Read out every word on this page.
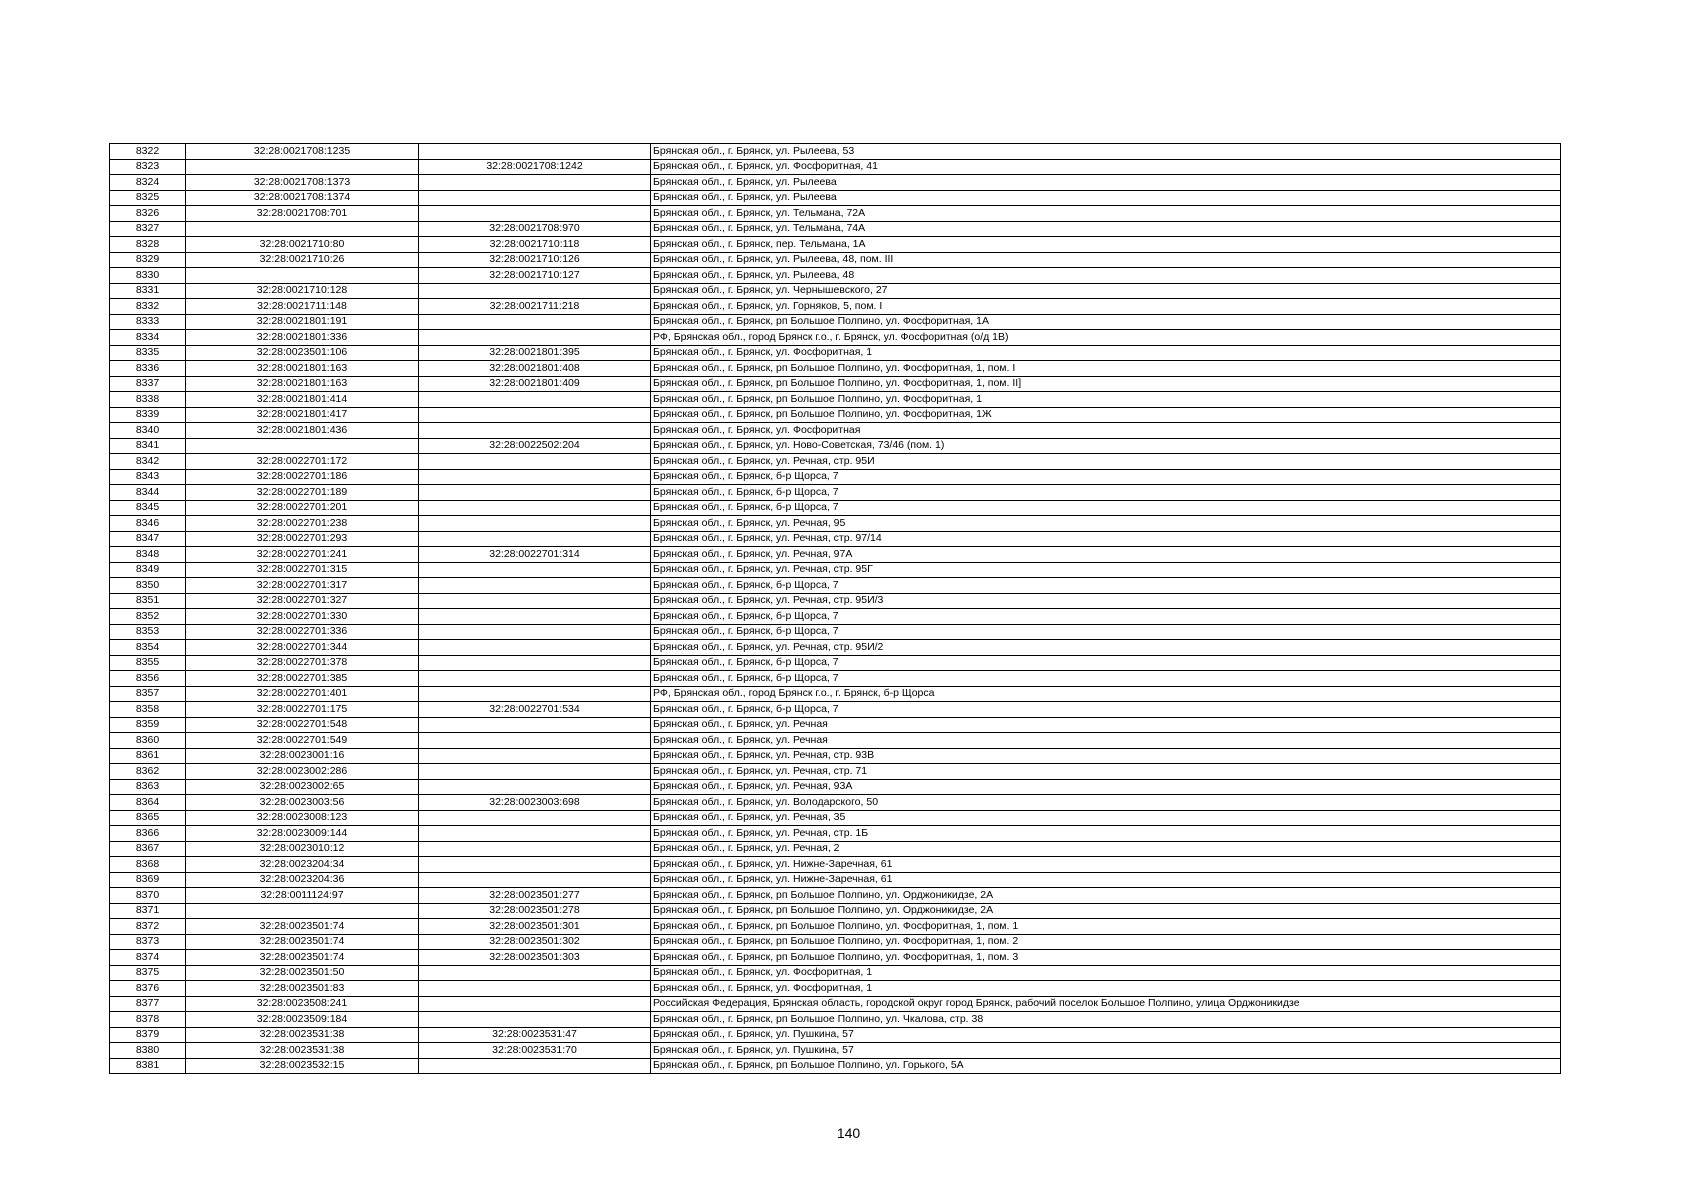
8322	32:28:0021708:1235		Брянская обл., г. Брянск, ул. Рылеева, 53
8323		32:28:0021708:1242	Брянская обл., г. Брянск, ул. Фосфоритная, 41
8324	32:28:0021708:1373		Брянская обл., г. Брянск, ул. Рылеева
8325	32:28:0021708:1374		Брянская обл., г. Брянск, ул. Рылеева
8326	32:28:0021708:701		Брянская обл., г. Брянск, ул. Тельмана, 72А
8327		32:28:0021708:970	Брянская обл., г. Брянск, ул. Тельмана, 74А
8328	32:28:0021710:80	32:28:0021710:118	Брянская обл., г. Брянск, пер. Тельмана, 1А
8329	32:28:0021710:26	32:28:0021710:126	Брянская обл., г. Брянск, ул. Рылеева, 48, пом. III
8330		32:28:0021710:127	Брянская обл., г. Брянск, ул. Рылеева, 48
8331	32:28:0021710:128		Брянская обл., г. Брянск, ул. Чернышевского, 27
8332	32:28:0021711:148	32:28:0021711:218	Брянская обл., г. Брянск, ул. Горняков, 5, пом. I
8333	32:28:0021801:191		Брянская обл., г. Брянск, рп Большое Полпино, ул. Фосфоритная, 1А
8334	32:28:0021801:336		РФ, Брянская обл., город Брянск г.о., г. Брянск, ул. Фосфоритная (о/д 1В)
8335	32:28:0023501:106	32:28:0021801:395	Брянская обл., г. Брянск, ул. Фосфоритная, 1
8336	32:28:0021801:163	32:28:0021801:408	Брянская обл., г. Брянск, рп Большое Полпино, ул. Фосфоритная, 1, пом. I
8337	32:28:0021801:163	32:28:0021801:409	Брянская обл., г. Брянск, рп Большое Полпино, ул. Фосфоритная, 1, пом. II]
8338	32:28:0021801:414		Брянская обл., г. Брянск, рп Большое Полпино, ул. Фосфоритная, 1
8339	32:28:0021801:417		Брянская обл., г. Брянск, рп Большое Полпино, ул. Фосфоритная, 1Ж
8340	32:28:0021801:436		Брянская обл., г. Брянск, ул. Фосфоритная
8341		32:28:0022502:204	Брянская обл., г. Брянск, ул. Ново-Советская, 73/46 (пом. 1)
8342	32:28:0022701:172		Брянская обл., г. Брянск, ул. Речная, стр. 95И
8343	32:28:0022701:186		Брянская обл., г. Брянск, б-р Щорса, 7
8344	32:28:0022701:189		Брянская обл., г. Брянск, б-р Щорса, 7
8345	32:28:0022701:201		Брянская обл., г. Брянск, б-р Щорса, 7
8346	32:28:0022701:238		Брянская обл., г. Брянск, ул. Речная, 95
8347	32:28:0022701:293		Брянская обл., г. Брянск, ул. Речная, стр. 97/14
8348	32:28:0022701:241	32:28:0022701:314	Брянская обл., г. Брянск, ул. Речная, 97А
8349	32:28:0022701:315		Брянская обл., г. Брянск, ул. Речная, стр. 95Г
8350	32:28:0022701:317		Брянская обл., г. Брянск, б-р Щорса, 7
8351	32:28:0022701:327		Брянская обл., г. Брянск, ул. Речная, стр. 95И/3
8352	32:28:0022701:330		Брянская обл., г. Брянск, б-р Щорса, 7
8353	32:28:0022701:336		Брянская обл., г. Брянск, б-р Щорса, 7
8354	32:28:0022701:344		Брянская обл., г. Брянск, ул. Речная, стр. 95И/2
8355	32:28:0022701:378		Брянская обл., г. Брянск, б-р Щорса, 7
8356	32:28:0022701:385		Брянская обл., г. Брянск, б-р Щорса, 7
8357	32:28:0022701:401		РФ, Брянская обл., город Брянск г.о., г. Брянск, б-р Щорса
8358	32:28:0022701:175	32:28:0022701:534	Брянская обл., г. Брянск, б-р Щорса, 7
8359	32:28:0022701:548		Брянская обл., г. Брянск, ул. Речная
8360	32:28:0022701:549		Брянская обл., г. Брянск, ул. Речная
8361	32:28:0023001:16		Брянская обл., г. Брянск, ул. Речная, стр. 93В
8362	32:28:0023002:286		Брянская обл., г. Брянск, ул. Речная, стр. 71
8363	32:28:0023002:65		Брянская обл., г. Брянск, ул. Речная, 93А
8364	32:28:0023003:56	32:28:0023003:698	Брянская обл., г. Брянск, ул. Володарского, 50
8365	32:28:0023008:123		Брянская обл., г. Брянск, ул. Речная, 35
8366	32:28:0023009:144		Брянская обл., г. Брянск, ул. Речная, стр. 1Б
8367	32:28:0023010:12		Брянская обл., г. Брянск, ул. Речная, 2
8368	32:28:0023204:34		Брянская обл., г. Брянск, ул. Нижне-Заречная, 61
8369	32:28:0023204:36		Брянская обл., г. Брянск, ул. Нижне-Заречная, 61
8370	32:28:0011124:97	32:28:0023501:277	Брянская обл., г. Брянск, рп Большое Полпино, ул. Орджоникидзе, 2А
8371		32:28:0023501:278	Брянская обл., г. Брянск, рп Большое Полпино, ул. Орджоникидзе, 2А
8372	32:28:0023501:74	32:28:0023501:301	Брянская обл., г. Брянск, рп Большое Полпино, ул. Фосфоритная, 1, пом. 1
8373	32:28:0023501:74	32:28:0023501:302	Брянская обл., г. Брянск, рп Большое Полпино, ул. Фосфоритная, 1, пом. 2
8374	32:28:0023501:74	32:28:0023501:303	Брянская обл., г. Брянск, рп Большое Полпино, ул. Фосфоритная, 1, пом. 3
8375	32:28:0023501:50		Брянская обл., г. Брянск, ул. Фосфоритная, 1
8376	32:28:0023501:83		Брянская обл., г. Брянск, ул. Фосфоритная, 1
8377	32:28:0023508:241		Российская Федерация, Брянская область, городской округ город Брянск, рабочий поселок Большое Полпино, улица Орджоникидзе
8378	32:28:0023509:184		Брянская обл., г. Брянск, рп Большое Полпино, ул. Чкалова, стр. 38
8379	32:28:0023531:38	32:28:0023531:47	Брянская обл., г. Брянск, ул. Пушкина, 57
8380	32:28:0023531:38	32:28:0023531:70	Брянская обл., г. Брянск, ул. Пушкина, 57
8381	32:28:0023532:15		Брянская обл., г. Брянск, рп Большое Полпино, ул. Горького, 5А
140
